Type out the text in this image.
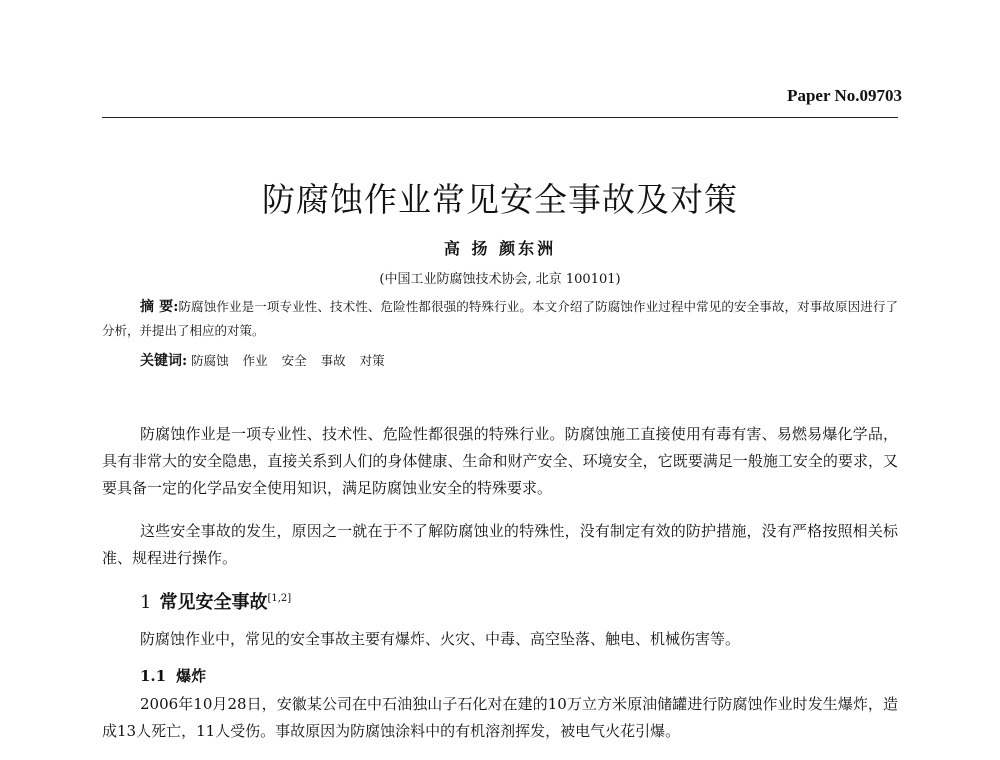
Paper No.09703
防腐蚀作业常见安全事故及对策
高 扬 颜东洲
(中国工业防腐蚀技术协会, 北京 100101)
摘 要:防腐蚀作业是一项专业性、技术性、危险性都很强的特殊行业。本文介绍了防腐蚀作业过程中常见的安全事故，对事故原因进行了分析，并提出了相应的对策。
关键词: 防腐蚀 作业 安全 事故 对策
防腐蚀作业是一项专业性、技术性、危险性都很强的特殊行业。防腐蚀施工直接使用有毒有害、易燃易爆化学品，具有非常大的安全隐患，直接关系到人们的身体健康、生命和财产安全、环境安全，它既要满足一般施工安全的要求，又要具备一定的化学品安全使用知识，满足防腐蚀业安全的特殊要求。
这些安全事故的发生，原因之一就在于不了解防腐蚀业的特殊性，没有制定有效的防护措施，没有严格按照相关标准、规程进行操作。
1 常见安全事故[1,2]
防腐蚀作业中，常见的安全事故主要有爆炸、火灾、中毒、高空坠落、触电、机械伤害等。
1.1 爆炸
2006年10月28日，安徽某公司在中石油独山子石化对在建的10万立方米原油储罐进行防腐蚀作业时发生爆炸，造成13人死亡，11人受伤。事故原因为防腐蚀涂料中的有机溶剂挥发，被电气火花引爆。
